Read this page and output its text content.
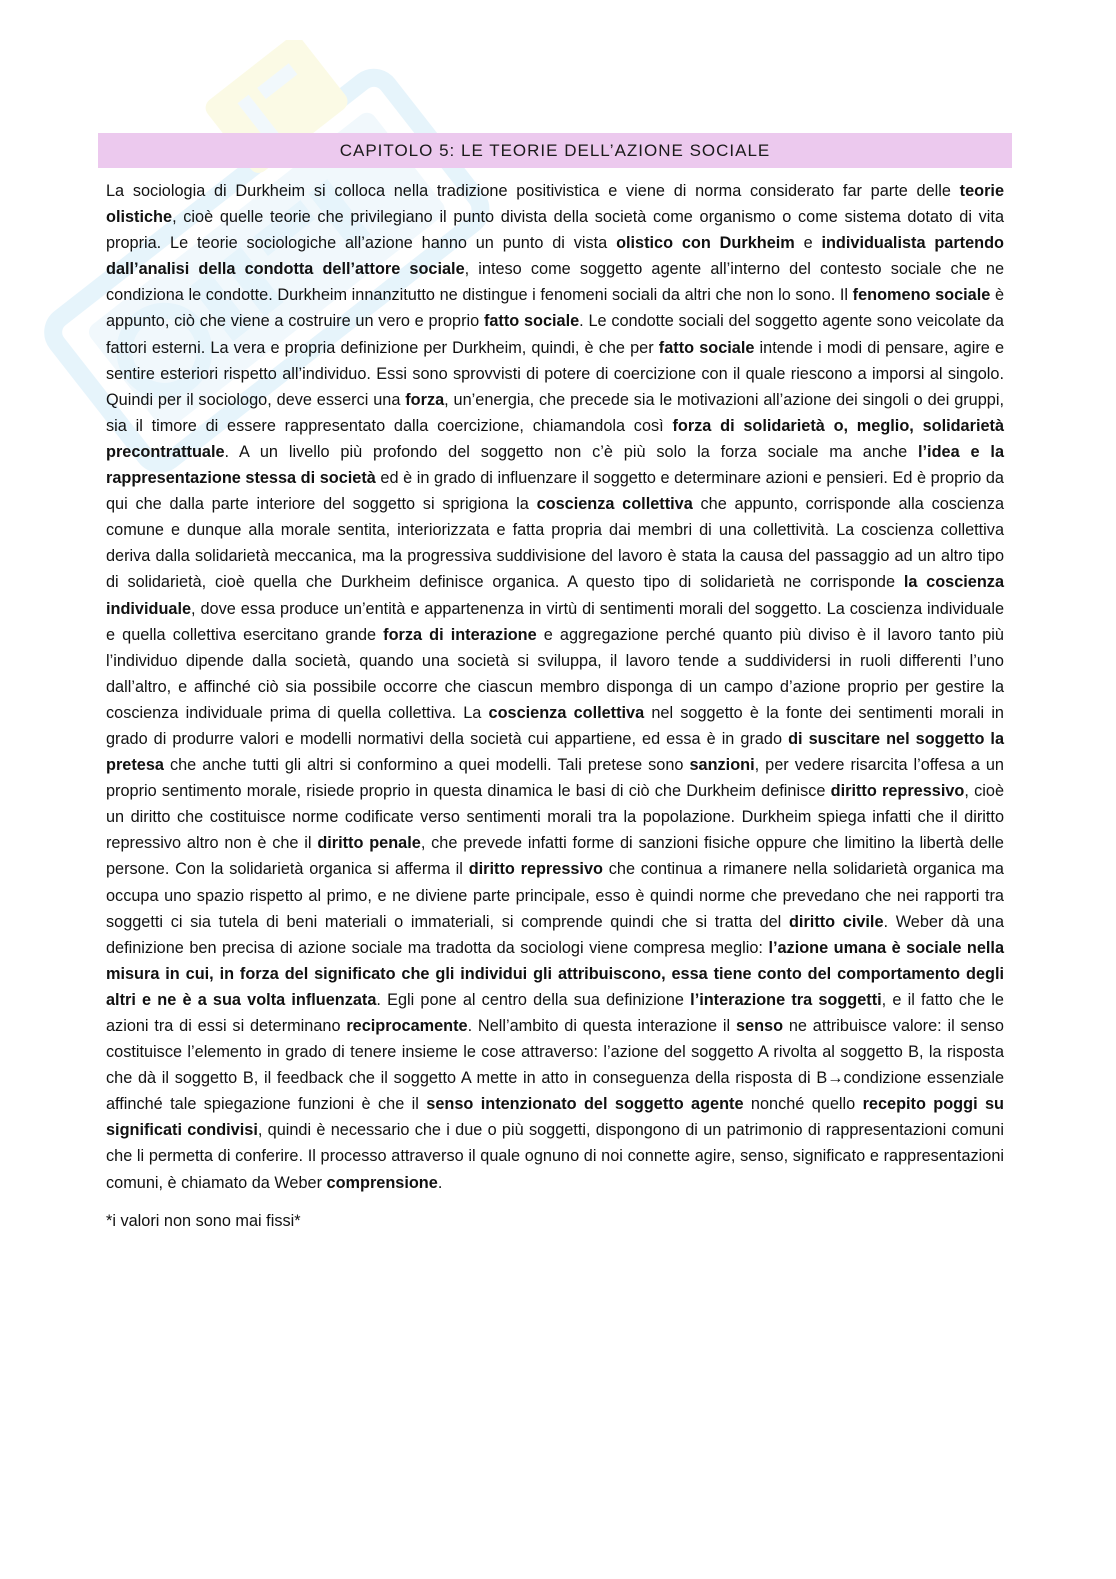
CAPITOLO 5: LE TEORIE DELL’AZIONE SOCIALE

La sociologia di Durkheim si colloca nella tradizione positivistica e viene di norma considerato far parte delle teorie olistiche, cioè quelle teorie che privilegiano il punto divista della società come organismo o come sistema dotato di vita propria. Le teorie sociologiche all’azione hanno un punto di vista olistico con Durkheim e individualista partendo dall’analisi della condotta dell’attore sociale, inteso come soggetto agente all’interno del contesto sociale che ne condiziona le condotte. Durkheim innanzitutto ne distingue i fenomeni sociali da altri che non lo sono. Il fenomeno sociale è appunto, ciò che viene a costruire un vero e proprio fatto sociale. Le condotte sociali del soggetto agente sono veicolate da fattori esterni. La vera e propria definizione per Durkheim, quindi, è che per fatto sociale intende i modi di pensare, agire e sentire esteriori rispetto all’individuo. Essi sono sprovvisti di potere di coercizione con il quale riescono a imporsi al singolo. Quindi per il sociologo, deve esserci una forza, un’energia, che precede sia le motivazioni all’azione dei singoli o dei gruppi, sia il timore di essere rappresentato dalla coercizione, chiamandola così forza di solidarietà o, meglio, solidarietà precontrattuale. A un livello più profondo del soggetto non c’è più solo la forza sociale ma anche l’idea e la rappresentazione stessa di società ed è in grado di influenzare il soggetto e determinare azioni e pensieri. Ed è proprio da qui che dalla parte interiore del soggetto si sprigiona la coscienza collettiva che appunto, corrisponde alla coscienza comune e dunque alla morale sentita, interiorizzata e fatta propria dai membri di una collettività. La coscienza collettiva deriva dalla solidarietà meccanica, ma la progressiva suddivisione del lavoro è stata la causa del passaggio ad un altro tipo di solidarietà, cioè quella che Durkheim definisce organica. A questo tipo di solidarietà ne corrisponde la coscienza individuale, dove essa produce un’entità e appartenenza in virtù di sentimenti morali del soggetto. La coscienza individuale e quella collettiva esercitano grande forza di interazione e aggregazione perché quanto più diviso è il lavoro tanto più l’individuo dipende dalla società, quando una società si sviluppa, il lavoro tende a suddividersi in ruoli differenti l’uno dall’altro, e affinché ciò sia possibile occorre che ciascun membro disponga di un campo d’azione proprio per gestire la coscienza individuale prima di quella collettiva. La coscienza collettiva nel soggetto è la fonte dei sentimenti morali in grado di produrre valori e modelli normativi della società cui appartiene, ed essa è in grado di suscitare nel soggetto la pretesa che anche tutti gli altri si conformino a quei modelli. Tali pretese sono sanzioni, per vedere risarcita l’offesa a un proprio sentimento morale, risiede proprio in questa dinamica le basi di ciò che Durkheim definisce diritto repressivo, cioè un diritto che costituisce norme codificate verso sentimenti morali tra la popolazione. Durkheim spiega infatti che il diritto repressivo altro non è che il diritto penale, che prevede infatti forme di sanzioni fisiche oppure che limitino la libertà delle persone. Con la solidarietà organica si afferma il diritto repressivo che continua a rimanere nella solidarietà organica ma occupa uno spazio rispetto al primo, e ne diviene parte principale, esso è quindi norme che prevedano che nei rapporti tra soggetti ci sia tutela di beni materiali o immateriali, si comprende quindi che si tratta del diritto civile. Weber dà una definizione ben precisa di azione sociale ma tradotta da sociologi viene compresa meglio: l’azione umana è sociale nella misura in cui, in forza del significato che gli individui gli attribuiscono, essa tiene conto del comportamento degli altri e ne è a sua volta influenzata. Egli pone al centro della sua definizione l’interazione tra soggetti, e il fatto che le azioni tra di essi si determinano reciprocamente. Nell’ambito di questa interazione il senso ne attribuisce valore: il senso costituisce l’elemento in grado di tenere insieme le cose attraverso: l’azione del soggetto A rivolta al soggetto B, la risposta che dà il soggetto B, il feedback che il soggetto A mette in atto in conseguenza della risposta di B→condizione essenziale affinché tale spiegazione funzioni è che il senso intenzionato del soggetto agente nonché quello recepito poggi su significati condivisi, quindi è necessario che i due o più soggetti, dispongono di un patrimonio di rappresentazioni comuni che li permetta di conferire. Il processo attraverso il quale ognuno di noi connette agire, senso, significato e rappresentazioni comuni, è chiamato da Weber comprensione.

*i valori non sono mai fissi*
